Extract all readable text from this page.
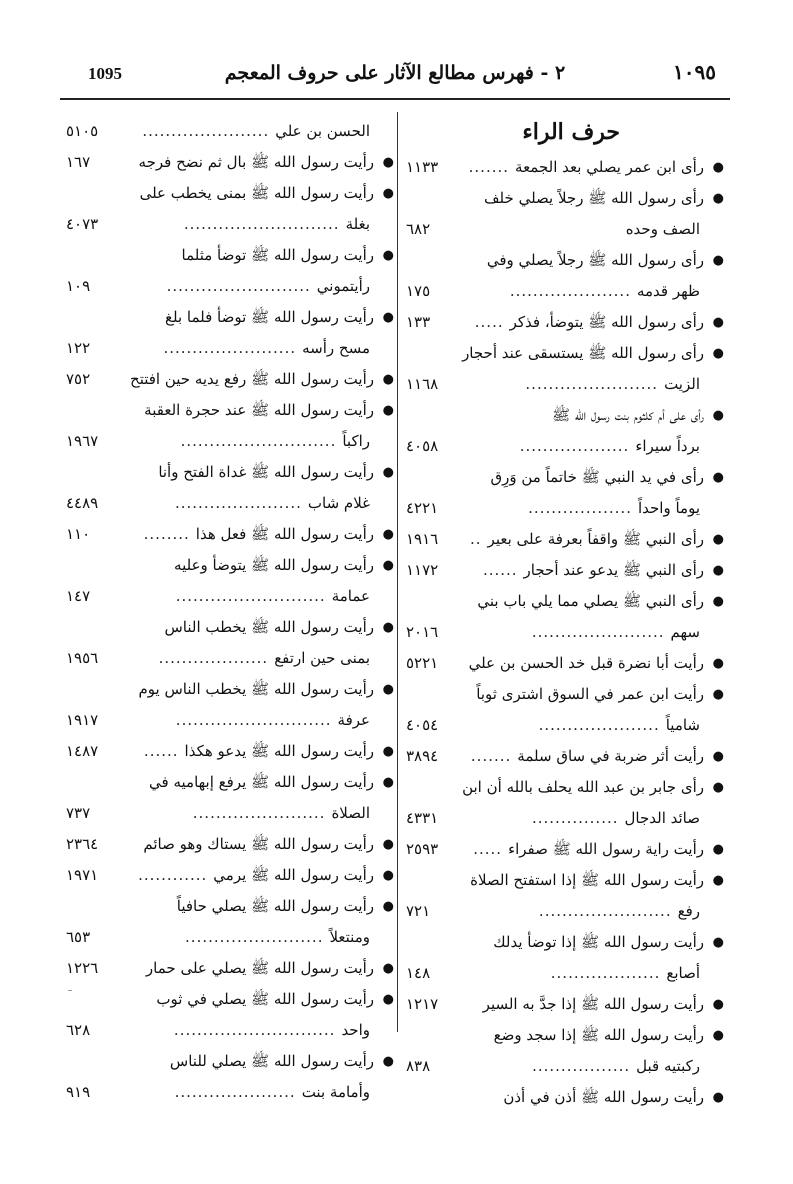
1095	٢ - فهرس مطالع الآثار على حروف المعجم	١٠٩٥
حرف الراء
●
رأى ابن عمر يصلي بعد الجمعة
.......
١١٣٣
●
رأى رسول الله ﷺ رجلاً يصلي خلف
الصف وحده
٦٨٢
●
رأى رسول الله ﷺ رجلاً يصلي وفي
ظهر قدمه
.....................
١٧٥
●
رأى رسول الله ﷺ يتوضأ، فذكر
.....
١٣٣
●
رأى رسول الله ﷺ يستسقى عند أحجار
الزيت
.......................
١١٦٨
●
رأى على أم كلثوم بنت رسول الله ﷺ
برداً سيراء
...................
٤٠٥٨
●
رأى في يد النبي ﷺ خاتماً من وَرِق
يوماً واحداً
..................
٤٢٢١
●
رأى النبي ﷺ واقفاً بعرفة على بعير
..
١٩١٦
●
رأى النبي ﷺ يدعو عند أحجار
......
١١٧٢
●
رأى النبي ﷺ يصلي مما يلي باب بني
سهم
.......................
٢٠١٦
●
رأيت أبا نضرة قبل خد الحسن بن علي
٥٢٢١
●
رأيت ابن عمر في السوق اشترى ثوباً
شامياً
.....................
٤٠٥٤
●
رأيت أثر ضربة في ساق سلمة
.......
٣٨٩٤
●
رأى جابر بن عبد الله يحلف بالله أن ابن
صائد الدجال
...............
٤٣٣١
●
رأيت راية رسول الله ﷺ صفراء
.....
٢٥٩٣
●
رأيت رسول الله ﷺ إذا استفتح الصلاة
رفع
.......................
٧٢١
●
رأيت رسول الله ﷺ إذا توضأ يدلك
أصابع
...................
١٤٨
●
رأيت رسول الله ﷺ إذا جدَّ به السير
١٢١٧
●
رأيت رسول الله ﷺ إذا سجد وضع
ركبتيه قبل
.................
٨٣٨
●
رأيت رسول الله ﷺ أذن في أذن
الحسن بن علي
......................
٥١٠٥
●
رأيت رسول الله ﷺ بال ثم نضح فرجه
١٦٧
●
رأيت رسول الله ﷺ بمنى يخطب على
بغلة
...........................
٤٠٧٣
●
رأيت رسول الله ﷺ توضأ مثلما
رأيتموني
.........................
١٠٩
●
رأيت رسول الله ﷺ توضأ فلما بلغ
مسح رأسه
.......................
١٢٢
●
رأيت رسول الله ﷺ رفع يديه حين افتتح
٧٥٢
●
رأيت رسول الله ﷺ عند حجرة العقبة
راكباً
...........................
١٩٦٧
●
رأيت رسول الله ﷺ غداة الفتح وأنا
غلام شاب
......................
٤٤٨٩
●
رأيت رسول الله ﷺ فعل هذا
........
١١٠
●
رأيت رسول الله ﷺ يتوضأ وعليه
عمامة
..........................
١٤٧
●
رأيت رسول الله ﷺ يخطب الناس
بمنى حين ارتفع
...................
١٩٥٦
●
رأيت رسول الله ﷺ يخطب الناس يوم
عرفة
...........................
١٩١٧
●
رأيت رسول الله ﷺ يدعو هكذا
......
١٤٨٧
●
رأيت رسول الله ﷺ يرفع إبهاميه في
الصلاة
.......................
٧٣٧
●
رأيت رسول الله ﷺ يستاك وهو صائم
٢٣٦٤
●
رأيت رسول الله ﷺ يرمي
............
١٩٧١
●
رأيت رسول الله ﷺ يصلي حافياً
ومنتعلاً
........................
٦٥٣
●
رأيت رسول الله ﷺ يصلي على حمار
١٢٢٦
●
رأيت رسول الله ﷺ يصلي في ثوب
واحد
............................
٦٢٨
●
رأيت رسول الله ﷺ يصلي للناس
وأمامة بنت
.....................
٩١٩
